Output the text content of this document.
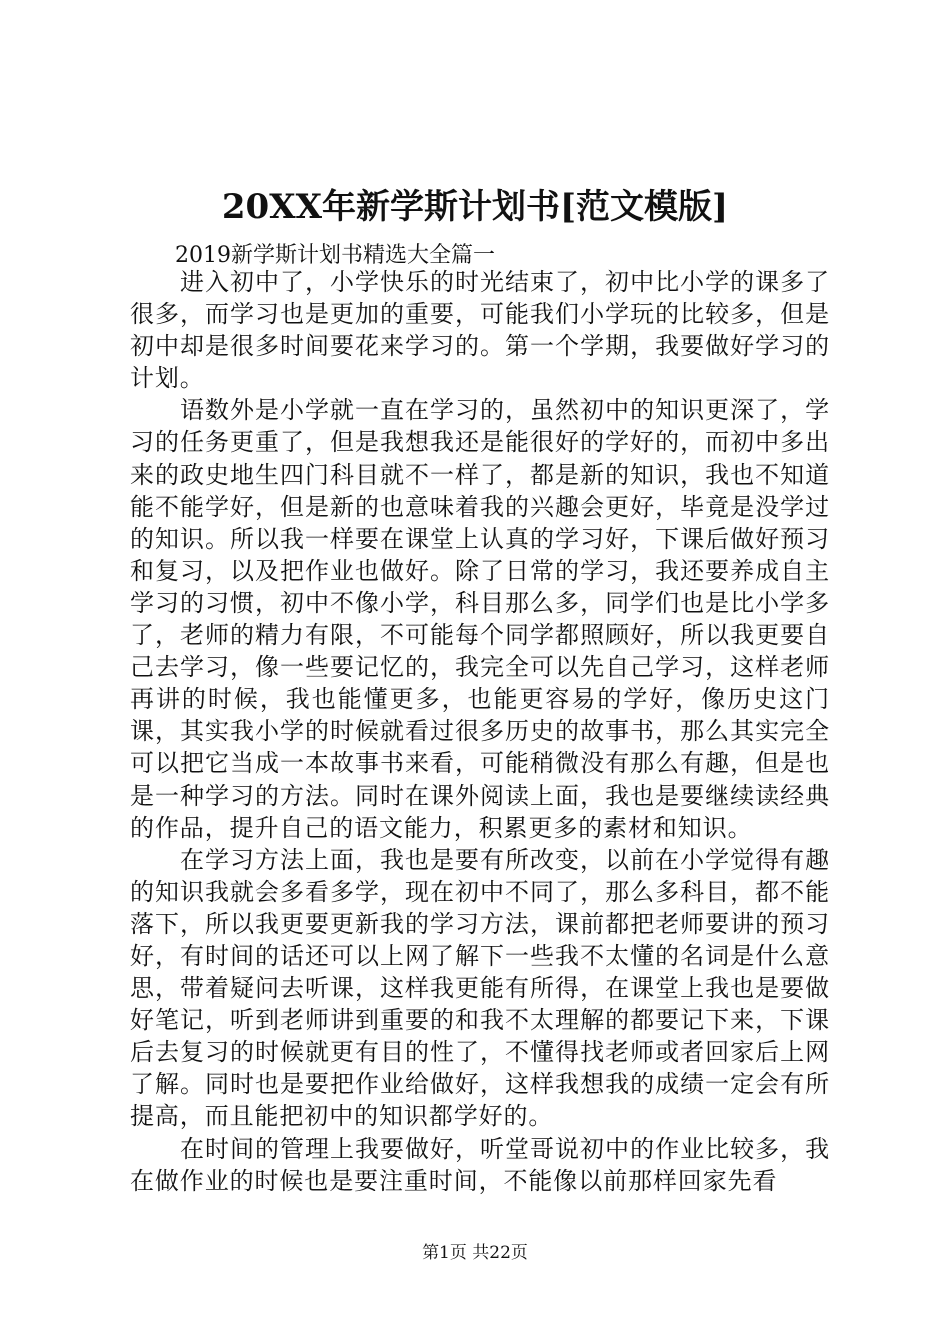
20XX年新学斯计划书[范文模版]
2019新学斯计划书精选大全篇一

进入初中了，小学快乐的时光结束了，初中比小学的课多了很多，而学习也是更加的重要，可能我们小学玩的比较多，但是初中却是很多时间要花来学习的。第一个学期，我要做好学习的计划。

语数外是小学就一直在学习的，虽然初中的知识更深了，学习的任务更重了，但是我想我还是能很好的学好的，而初中多出来的政史地生四门科目就不一样了，都是新的知识，我也不知道能不能学好，但是新的也意味着我的兴趣会更好，毕竟是没学过的知识。所以我一样要在课堂上认真的学习好，下课后做好预习和复习，以及把作业也做好。除了日常的学习，我还要养成自主学习的习惯，初中不像小学，科目那么多，同学们也是比小学多了，老师的精力有限，不可能每个同学都照顾好，所以我更要自己去学习，像一些要记忆的，我完全可以先自己学习，这样老师再讲的时候，我也能懂更多，也能更容易的学好，像历史这门课，其实我小学的时候就看过很多历史的故事书，那么其实完全可以把它当成一本故事书来看，可能稍微没有那么有趣，但是也是一种学习的方法。同时在课外阅读上面，我也是要继续读经典的作品，提升自己的语文能力，积累更多的素材和知识。

在学习方法上面，我也是要有所改变，以前在小学觉得有趣的知识我就会多看多学，现在初中不同了，那么多科目，都不能落下，所以我更要更新我的学习方法，课前都把老师要讲的预习好，有时间的话还可以上网了解下一些我不太懂的名词是什么意思，带着疑问去听课，这样我更能有所得，在课堂上我也是要做好笔记，听到老师讲到重要的和我不太理解的都要记下来，下课后去复习的时候就更有目的性了，不懂得找老师或者回家后上网了解。同时也是要把作业给做好，这样我想我的成绩一定会有所提高，而且能把初中的知识都学好的。

在时间的管理上我要做好，听堂哥说初中的作业比较多，我在做作业的时候也是要注重时间，不能像以前那样回家先看

第1页 共22页
